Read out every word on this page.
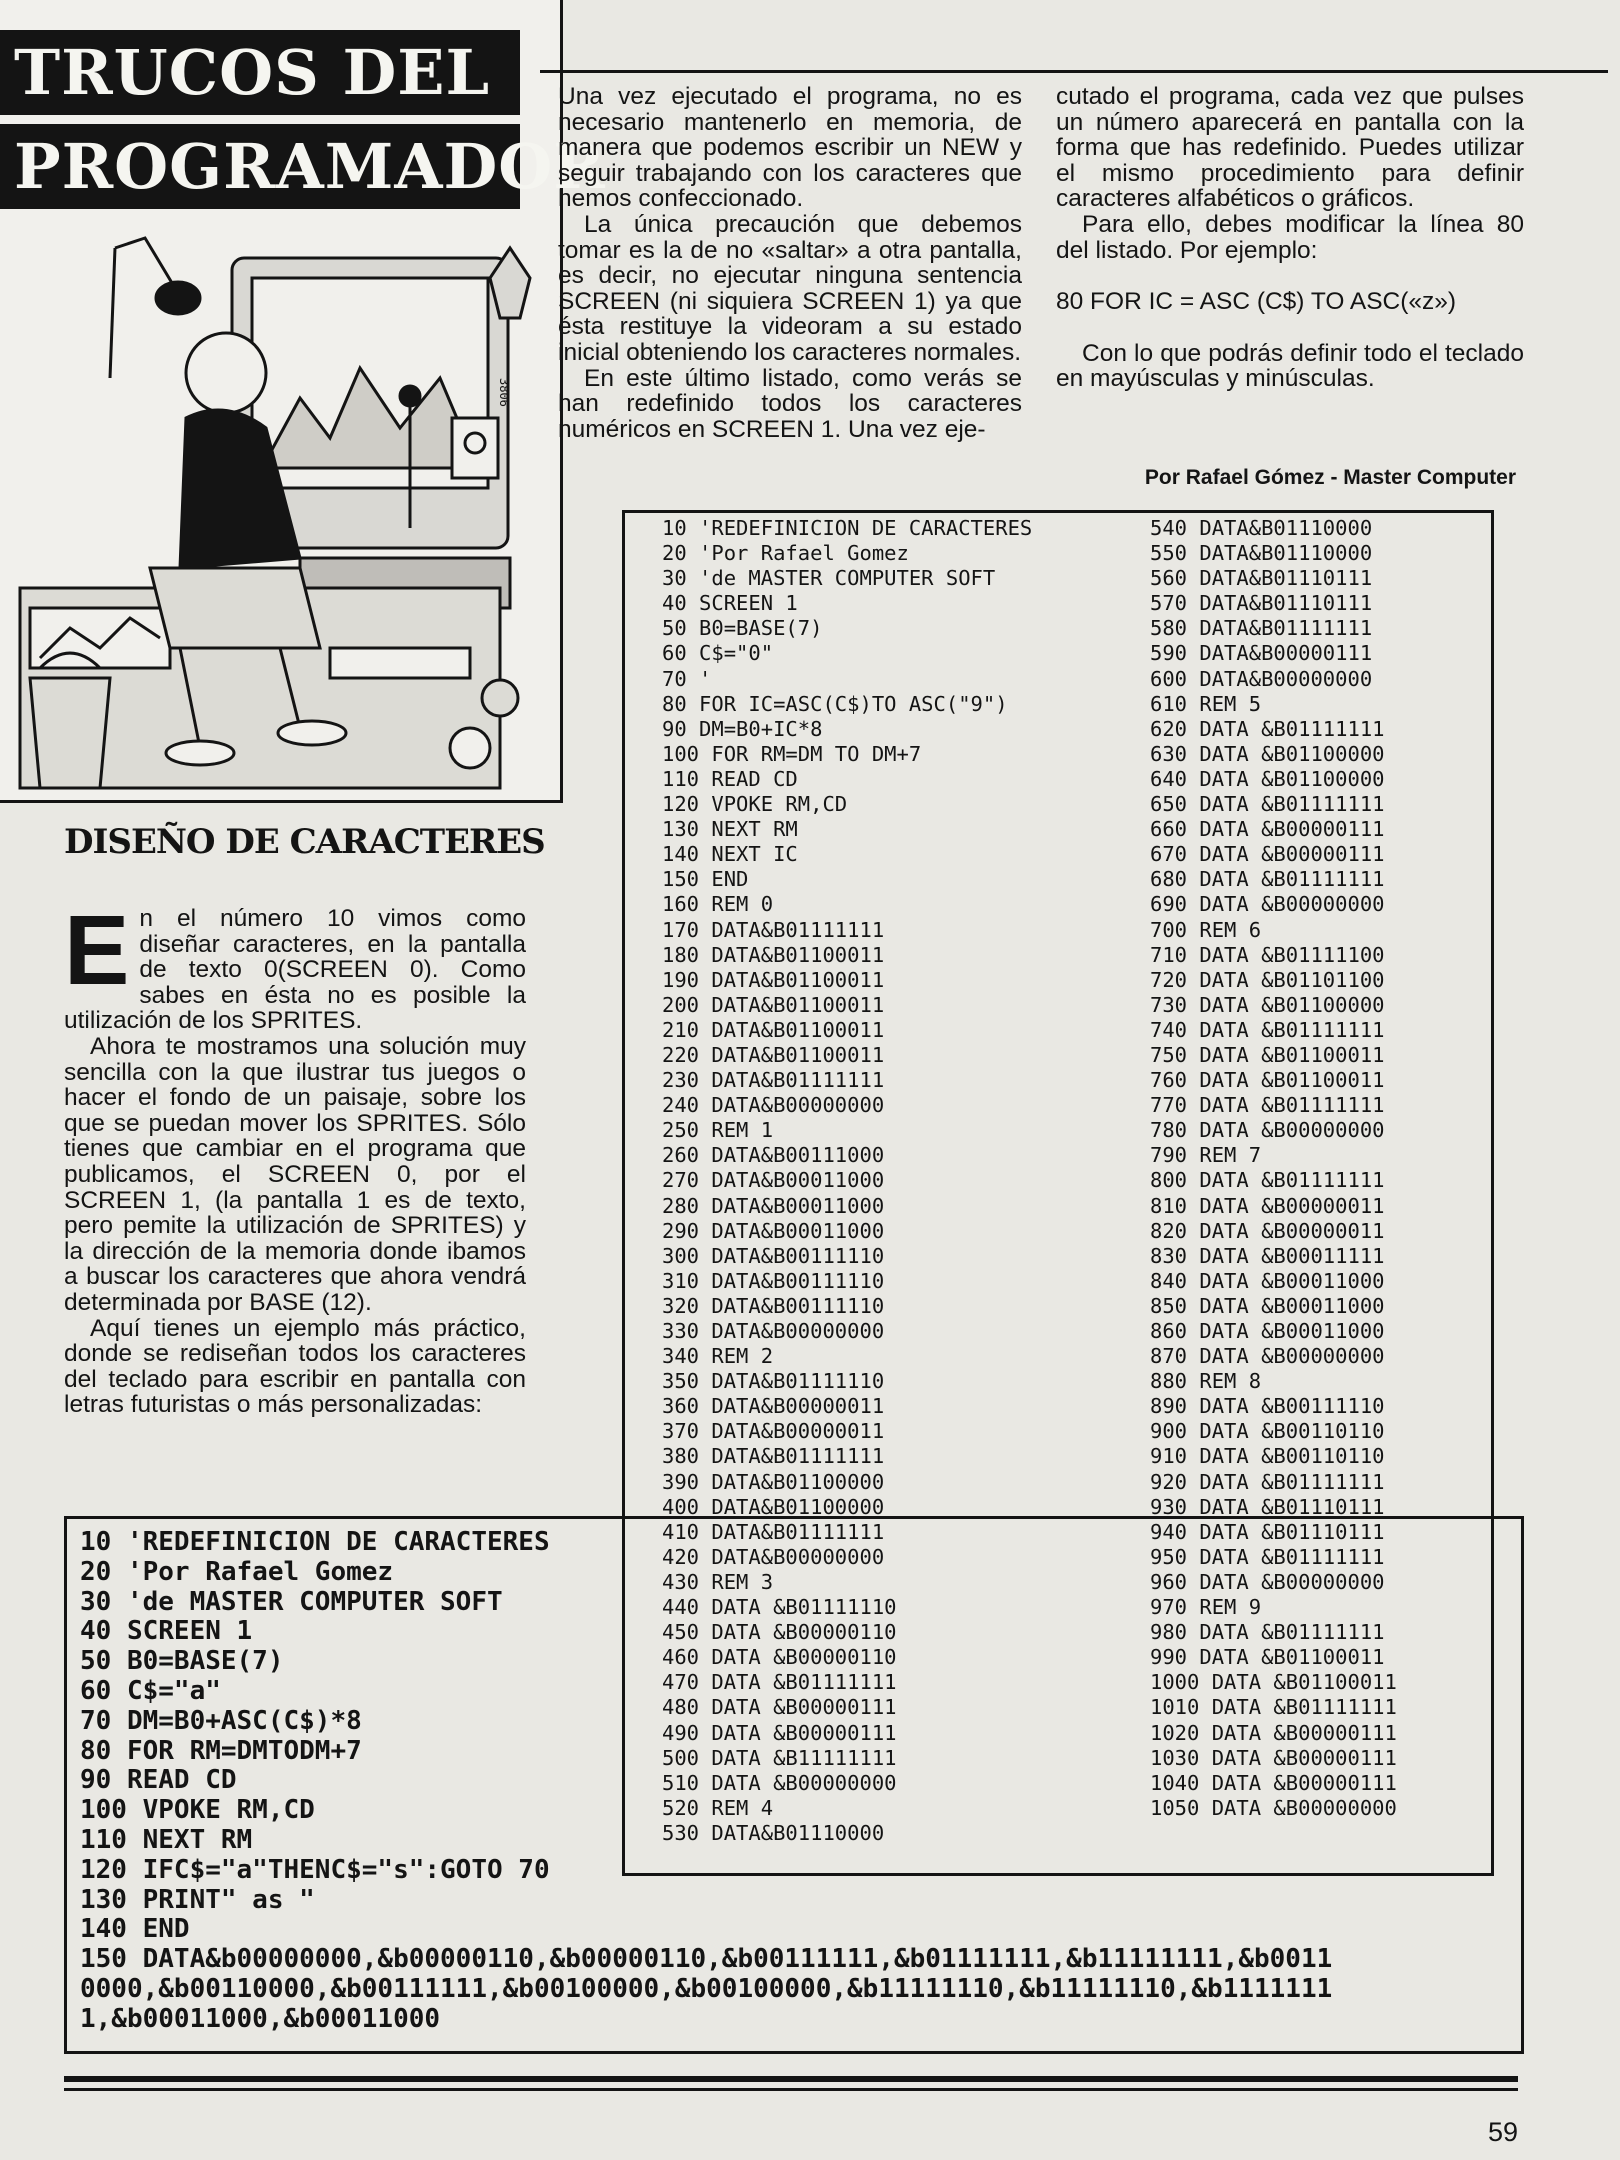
TRUCOS DEL
PROGRAMADOR
3806

Una vez ejecutado el programa, no es necesario mantenerlo en memoria, de manera que podemos escribir un NEW y seguir trabajando con los caracteres que hemos confeccionado.

La única precaución que debemos tomar es la de no «saltar» a otra pantalla, es decir, no ejecutar ninguna sentencia SCREEN (ni siquiera SCREEN 1) ya que ésta restituye la videoram a su estado inicial obteniendo los caracteres normales.

En este último listado, como verás se han redefinido todos los caracteres numéricos en SCREEN 1. Una vez eje-

cutado el programa, cada vez que pulses un número aparecerá en pantalla con la forma que has redefinido. Puedes utilizar el mismo procedimiento para definir caracteres alfabéticos o gráficos.

Para ello, debes modificar la línea 80 del listado. Por ejemplo:

80 FOR IC = ASC (C$) TO ASC(«z»)

Con lo que podrás definir todo el teclado en mayúsculas y minúsculas.

Por Rafael Gómez - Master Computer
DISEÑO DE CARACTERES

E n el número 10 vimos como diseñar caracteres, en la pantalla de texto 0(SCREEN 0). Como sabes en ésta no es posible la utilización de los SPRITES.

Ahora te mostramos una solución muy sencilla con la que ilustrar tus juegos o hacer el fondo de un paisaje, sobre los que se puedan mover los SPRITES. Sólo tienes que cambiar en el programa que publicamos, el SCREEN 0, por el SCREEN 1, (la pantalla 1 es de texto, pero pemite la utilización de SPRITES) y la dirección de la memoria donde ibamos a buscar los caracteres que ahora vendrá determinada por BASE (12).

Aquí tienes un ejemplo más práctico, donde se rediseñan todos los caracteres del teclado para escribir en pantalla con letras futuristas o más personalizadas:

10 'REDEFINICION DE CARACTERES
20 'Por Rafael Gomez
30 'de MASTER COMPUTER SOFT
40 SCREEN 1
50 B0=BASE(7)
60 C$="0"
70 '
80 FOR IC=ASC(C$)TO ASC("9")
90 DM=B0+IC*8
100 FOR RM=DM TO DM+7
110 READ CD
120 VPOKE RM,CD
130 NEXT RM
140 NEXT IC
150 END
160 REM 0
170 DATA&B01111111
180 DATA&B01100011
190 DATA&B01100011
200 DATA&B01100011
210 DATA&B01100011
220 DATA&B01100011
230 DATA&B01111111
240 DATA&B00000000
250 REM 1
260 DATA&B00111000
270 DATA&B00011000
280 DATA&B00011000
290 DATA&B00011000
300 DATA&B00111110
310 DATA&B00111110
320 DATA&B00111110
330 DATA&B00000000
340 REM 2
350 DATA&B01111110
360 DATA&B00000011
370 DATA&B00000011
380 DATA&B01111111
390 DATA&B01100000
400 DATA&B01100000
410 DATA&B01111111
420 DATA&B00000000
430 REM 3
440 DATA &B01111110
450 DATA &B00000110
460 DATA &B00000110
470 DATA &B01111111
480 DATA &B00000111
490 DATA &B00000111
500 DATA &B11111111
510 DATA &B00000000
520 REM 4
530 DATA&B01110000
540 DATA&B01110000
550 DATA&B01110000
560 DATA&B01110111
570 DATA&B01110111
580 DATA&B01111111
590 DATA&B00000111
600 DATA&B00000000
610 REM 5
620 DATA &B01111111
630 DATA &B01100000
640 DATA &B01100000
650 DATA &B01111111
660 DATA &B00000111
670 DATA &B00000111
680 DATA &B01111111
690 DATA &B00000000
700 REM 6
710 DATA &B01111100
720 DATA &B01101100
730 DATA &B01100000
740 DATA &B01111111
750 DATA &B01100011
760 DATA &B01100011
770 DATA &B01111111
780 DATA &B00000000
790 REM 7
800 DATA &B01111111
810 DATA &B00000011
820 DATA &B00000011
830 DATA &B00011111
840 DATA &B00011000
850 DATA &B00011000
860 DATA &B00011000
870 DATA &B00000000
880 REM 8
890 DATA &B00111110
900 DATA &B00110110
910 DATA &B00110110
920 DATA &B01111111
930 DATA &B01110111
940 DATA &B01110111
950 DATA &B01111111
960 DATA &B00000000
970 REM 9
980 DATA &B01111111
990 DATA &B01100011
1000 DATA &B01100011
1010 DATA &B01111111
1020 DATA &B00000111
1030 DATA &B00000111
1040 DATA &B00000111
1050 DATA &B00000000
10 'REDEFINICION DE CARACTERES
20 'Por Rafael Gomez
30 'de MASTER COMPUTER SOFT
40 SCREEN 1
50 B0=BASE(7)
60 C$="a"
70 DM=B0+ASC(C$)*8
80 FOR RM=DMTODM+7
90 READ CD
100 VPOKE RM,CD
110 NEXT RM
120 IFC$="a"THENC$="s":GOTO 70
130 PRINT" as "
140 END
150 DATA&b00000000,&b00000110,&b00000110,&b00111111,&b01111111,&b11111111,&b0011
0000,&b00110000,&b00111111,&b00100000,&b00100000,&b11111110,&b11111110,&b1111111
1,&b00011000,&b00011000
59
